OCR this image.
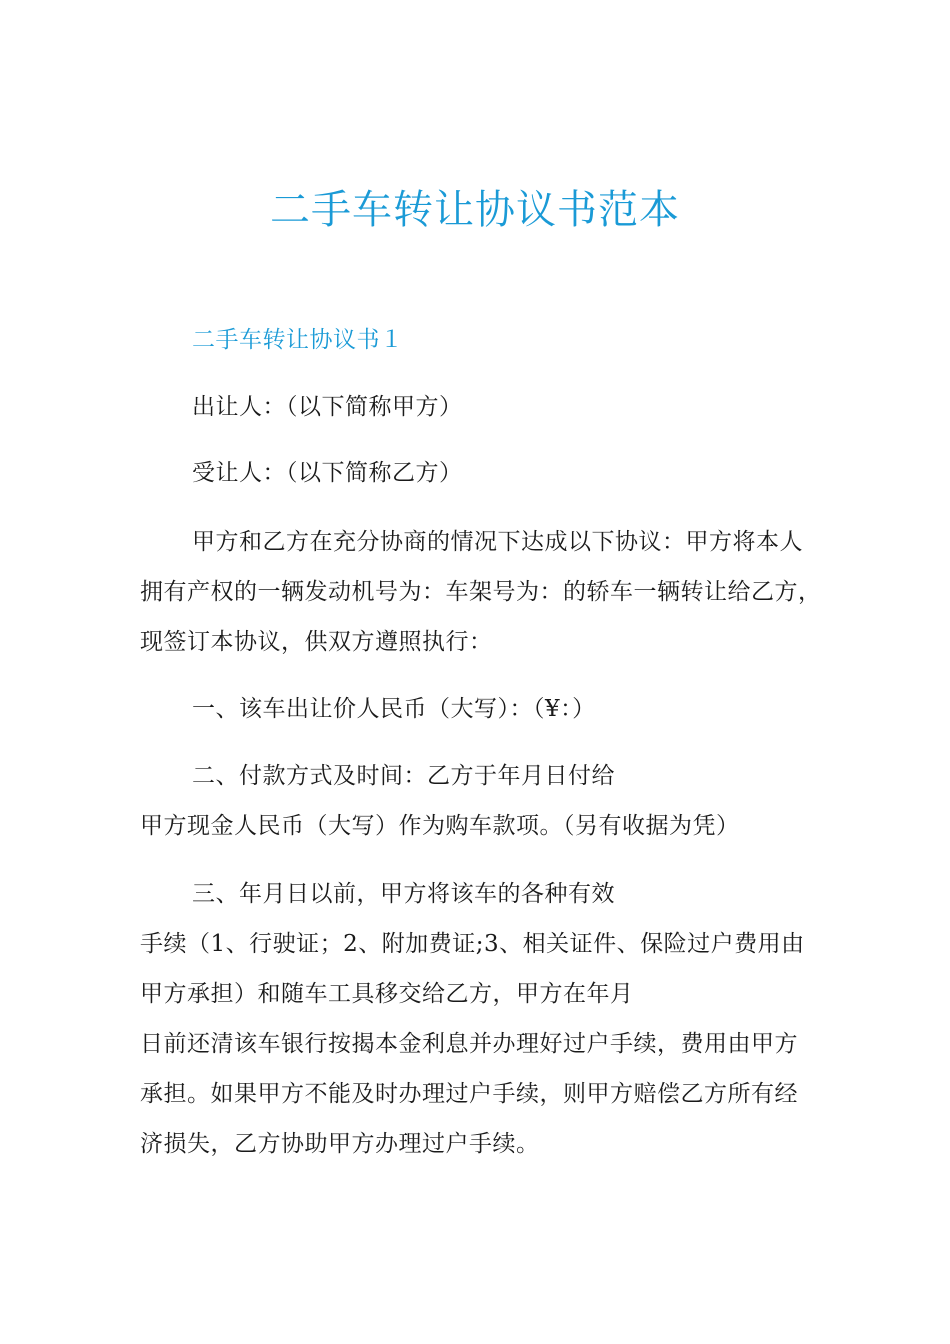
二手车转让协议书范本
二手车转让协议书１
出让人：（以下简称甲方）
受让人：（以下简称乙方）
甲方和乙方在充分协商的情况下达成以下协议：甲方将本人
拥有产权的一辆发动机号为：车架号为：的轿车一辆转让给乙方，
现签订本协议，供双方遵照执行：
一、该车出让价人民币（大写）：（¥：）
二、付款方式及时间：乙方于年月日付给
甲方现金人民币（大写）作为购车款项。（另有收据为凭）
三、年月日以前，甲方将该车的各种有效
手续（1、行驶证；2、附加费证;3、相关证件、保险过户费用由
甲方承担）和随车工具移交给乙方，甲方在年月
日前还清该车银行按揭本金利息并办理好过户手续，费用由甲方
承担。如果甲方不能及时办理过户手续，则甲方赔偿乙方所有经
济损失，乙方协助甲方办理过户手续。
